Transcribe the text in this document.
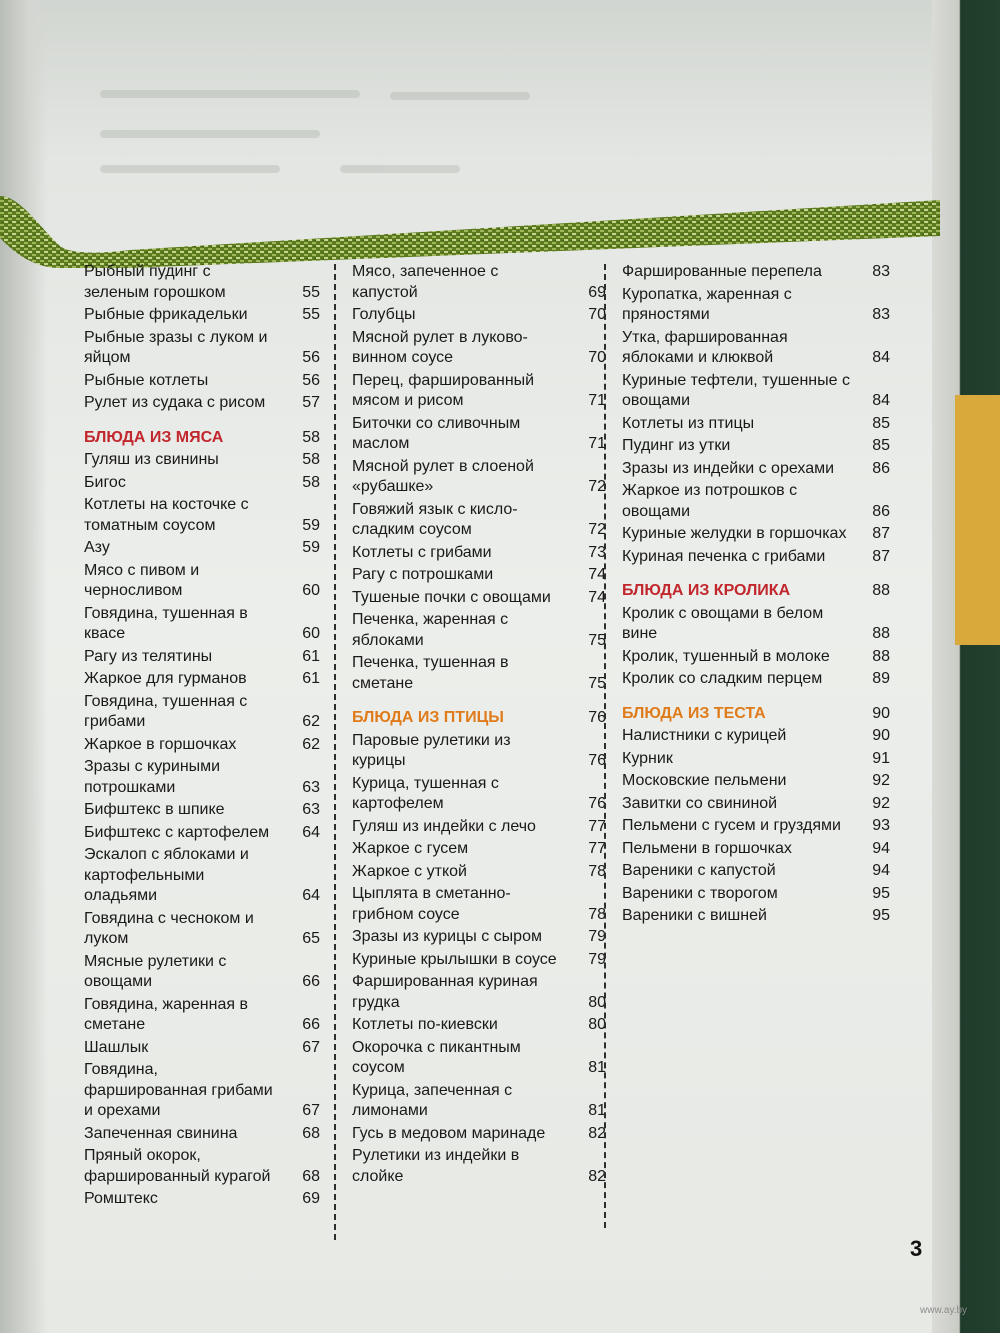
Рыбный пудинг с зеленым горошком	55
Рыбные фрикадельки	55
Рыбные зразы с луком и яйцом	56
Рыбные котлеты	56
Рулет из судака с рисом 57
БЛЮДА ИЗ МЯСА	58
Гуляш из свинины	58
Бигос	58
Котлеты на косточке с томатным соусом	59
Азу	59
Мясо с пивом и черносливом	60
Говядина, тушенная в квасе	60
Рагу из телятины	61
Жаркое для гурманов	61
Говядина, тушенная с грибами	62
Жаркое в горшочках	62
Зразы с куриными потрошками	63
Бифштекс в шпике	63
Бифштекс с картофелем 64
Эскалоп с яблоками и картофельными оладьями	64
Говядина с чесноком и луком	65
Мясные рулетики с овощами	66
Говядина, жаренная в сметане	66
Шашлык	67
Говядина, фаршированная грибами и орехами	67
Запеченная свинина	68
Пряный окорок, фаршированный курагой 68
Ромштекс	69
Мясо, запеченное с капустой	69
Голубцы	70
Мясной рулет в луково-винном соусе	70
Перец, фаршированный мясом и рисом	71
Биточки со сливочным маслом	71
Мясной рулет в слоеной «рубашке»	72
Говяжий язык с кисло-сладким соусом	72
Котлеты с грибами	73
Рагу с потрошками	74
Тушеные почки с овощами 74
Печенка, жаренная с яблоками	75
Печенка, тушенная в сметане	75
БЛЮДА ИЗ ПТИЦЫ	76
Паровые рулетики из курицы	76
Курица, тушенная с картофелем	76
Гуляш из индейки с лечо	77
Жаркое с гусем	77
Жаркое с уткой	78
Цыплята в сметанно-грибном соусе	78
Зразы из курицы с сыром	79
Куриные крылышки в соусе 79
Фаршированная куриная грудка	80
Котлеты по-киевски	80
Окорочка с пикантным соусом	81
Курица, запеченная с лимонами	81
Гусь в медовом маринаде	82
Рулетики из индейки в слойке	82
Фаршированные перепела	83
Куропатка, жаренная с пряностями	83
Утка, фаршированная яблоками и клюквой	84
Куриные тефтели, тушенные с овощами	84
Котлеты из птицы	85
Пудинг из утки	85
Зразы из индейки с орехами 86
Жаркое из потрошков с овощами	86
Куриные желудки в горшочках 87
Куриная печенка с грибами	87
БЛЮДА ИЗ КРОЛИКА	88
Кролик с овощами в белом вине	88
Кролик, тушенный в молоке	88
Кролик со сладким перцем	89
БЛЮДА ИЗ ТЕСТА	90
Налистники с курицей	90
Курник	91
Московские пельмени	92
Завитки со свининой	92
Пельмени с гусем и груздями 93
Пельмени в горшочках	94
Вареники с капустой	94
Вареники с творогом	95
Вареники с вишней	95
3
www.ay.by
